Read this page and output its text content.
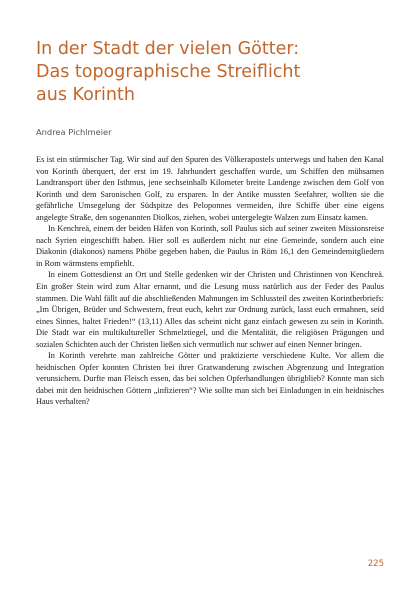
In der Stadt der vielen Götter:
Das topographische Streiflicht
aus Korinth
Andrea Pichlmeier

Es ist ein stürmischer Tag. Wir sind auf den Spuren des Völkerapostels unterwegs und haben den Kanal von Korinth überquert, der erst im 19. Jahrhundert geschaffen wurde, um Schiffen den mühsamen Landtransport über den Isthmus, jene sechseinhalb Kilometer breite Landenge zwischen dem Golf von Korinth und dem Saronischen Golf, zu ersparen. In der Antike mussten Seefahrer, wollten sie die gefährliche Umsegelung der Südspitze des Peloponnes vermeiden, ihre Schiffe über eine eigens angelegte Straße, den sogenannten Diolkos, ziehen, wobei untergelegte Walzen zum Einsatz kamen.

In Kenchreä, einem der beiden Häfen von Korinth, soll Paulus sich auf seiner zweiten Missionsreise nach Syrien eingeschifft haben. Hier soll es außerdem nicht nur eine Gemeinde, sondern auch eine Diakonin (diakonos) namens Phöbe gegeben haben, die Paulus in Röm 16,1 den Gemeindemitgliedern in Rom wärmstens empfiehlt.

In einem Gottesdienst an Ort und Stelle gedenken wir der Christen und Christinnen von Kenchreä. Ein großer Stein wird zum Altar ernannt, und die Lesung muss natürlich aus der Feder des Paulus stammen. Die Wahl fällt auf die abschließenden Mahnungen im Schlussteil des zweiten Korintherbriefs: „Im Übrigen, Brüder und Schwestern, freut euch, kehrt zur Ordnung zurück, lasst euch ermahnen, seid eines Sinnes, haltet Frieden!“ (13,11) Alles das scheint nicht ganz einfach gewesen zu sein in Korinth. Die Stadt war ein multikultureller Schmelztiegel, und die Mentalität, die religiösen Prägungen und sozialen Schichten auch der Christen ließen sich vermutlich nur schwer auf einen Nenner bringen.

In Korinth verehrte man zahlreiche Götter und praktizierte verschiedene Kulte. Vor allem die heidnischen Opfer konnten Christen bei ihrer Gratwanderung zwischen Abgrenzung und Integration verunsichern. Durfte man Fleisch essen, das bei solchen Opferhandlungen übrigblieb? Konnte man sich dabei mit den heidnischen Göttern „infizieren“? Wie sollte man sich bei Einladungen in ein heidnisches Haus verhalten?

225
